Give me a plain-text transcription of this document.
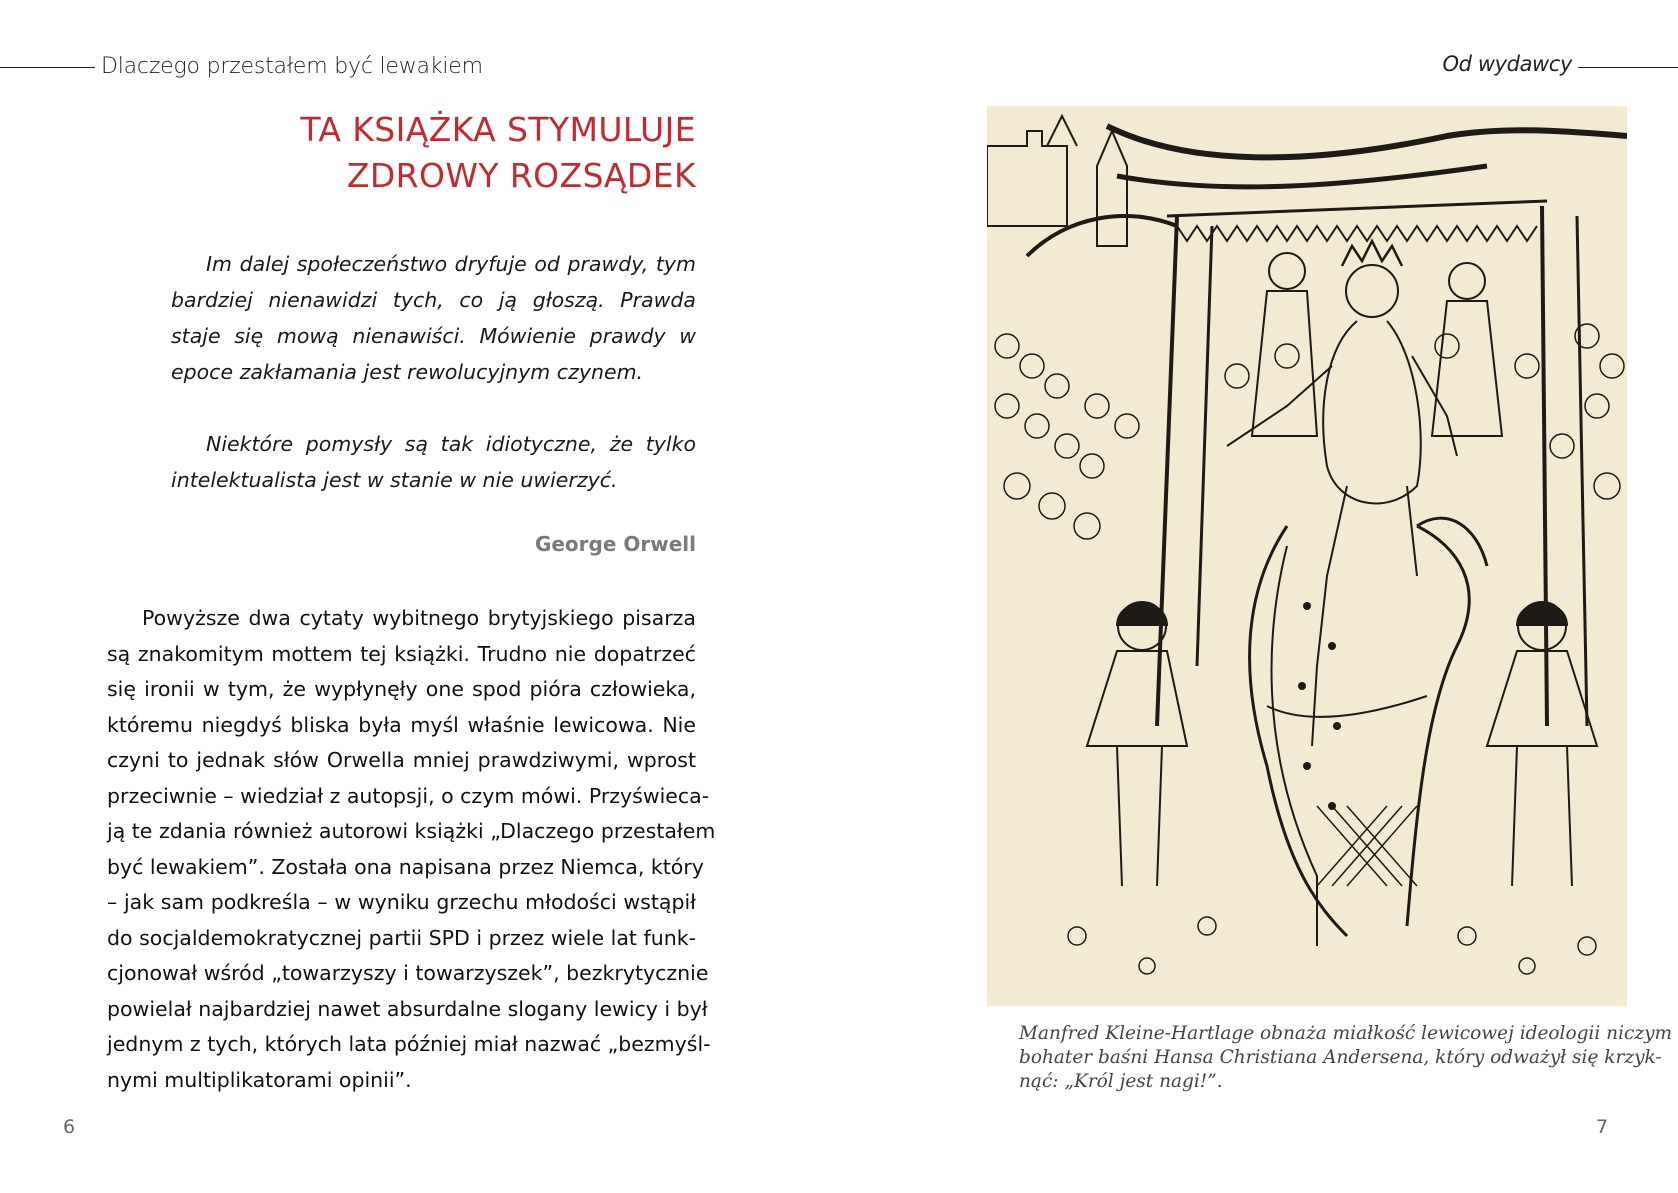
Dlaczego przestałem być lewakiem	Od wydawcy
TA KSIĄŻKA STYMULUJE
ZDROWY ROZSĄDEK

Im dalej społeczeństwo dryfuje od prawdy, tym bardziej nienawidzi tych, co ją głoszą. Prawda staje się mową nienawiści. Mówienie prawdy w epoce zakłamania jest rewolucyjnym czynem.

Niektóre pomysły są tak idiotyczne, że tylko intelektualista jest w stanie w nie uwierzyć.

George Orwell
Powyższe dwa cytaty wybitnego brytyjskiego pisarza
są znakomitym mottem tej książki. Trudno nie dopatrzeć
się ironii w tym, że wypłynęły one spod pióra człowieka,
któremu niegdyś bliska była myśl właśnie lewicowa. Nie
czyni to jednak słów Orwella mniej prawdziwymi, wprost
przeciwnie – wiedział z autopsji, o czym mówi. Przyświeca-
ją te zdania również autorowi książki „Dlaczego przestałem
być lewakiem”. Została ona napisana przez Niemca, który
– jak sam podkreśla – w wyniku grzechu młodości wstąpił
do socjaldemokratycznej partii SPD i przez wiele lat funk-
cjonował wśród „towarzyszy i towarzyszek”, bezkrytycznie
powielał najbardziej nawet absurdalne slogany lewicy i był
jednym z tych, których lata później miał nazwać „bezmyśl-
nymi multiplikatorami opinii”.
6	7
Manfred Kleine-Hartlage obnaża miałkość lewicowej ideologii niczym
bohater baśni Hansa Christiana Andersena, który odważył się krzyk-
nąć: „Król jest nagi!”.
